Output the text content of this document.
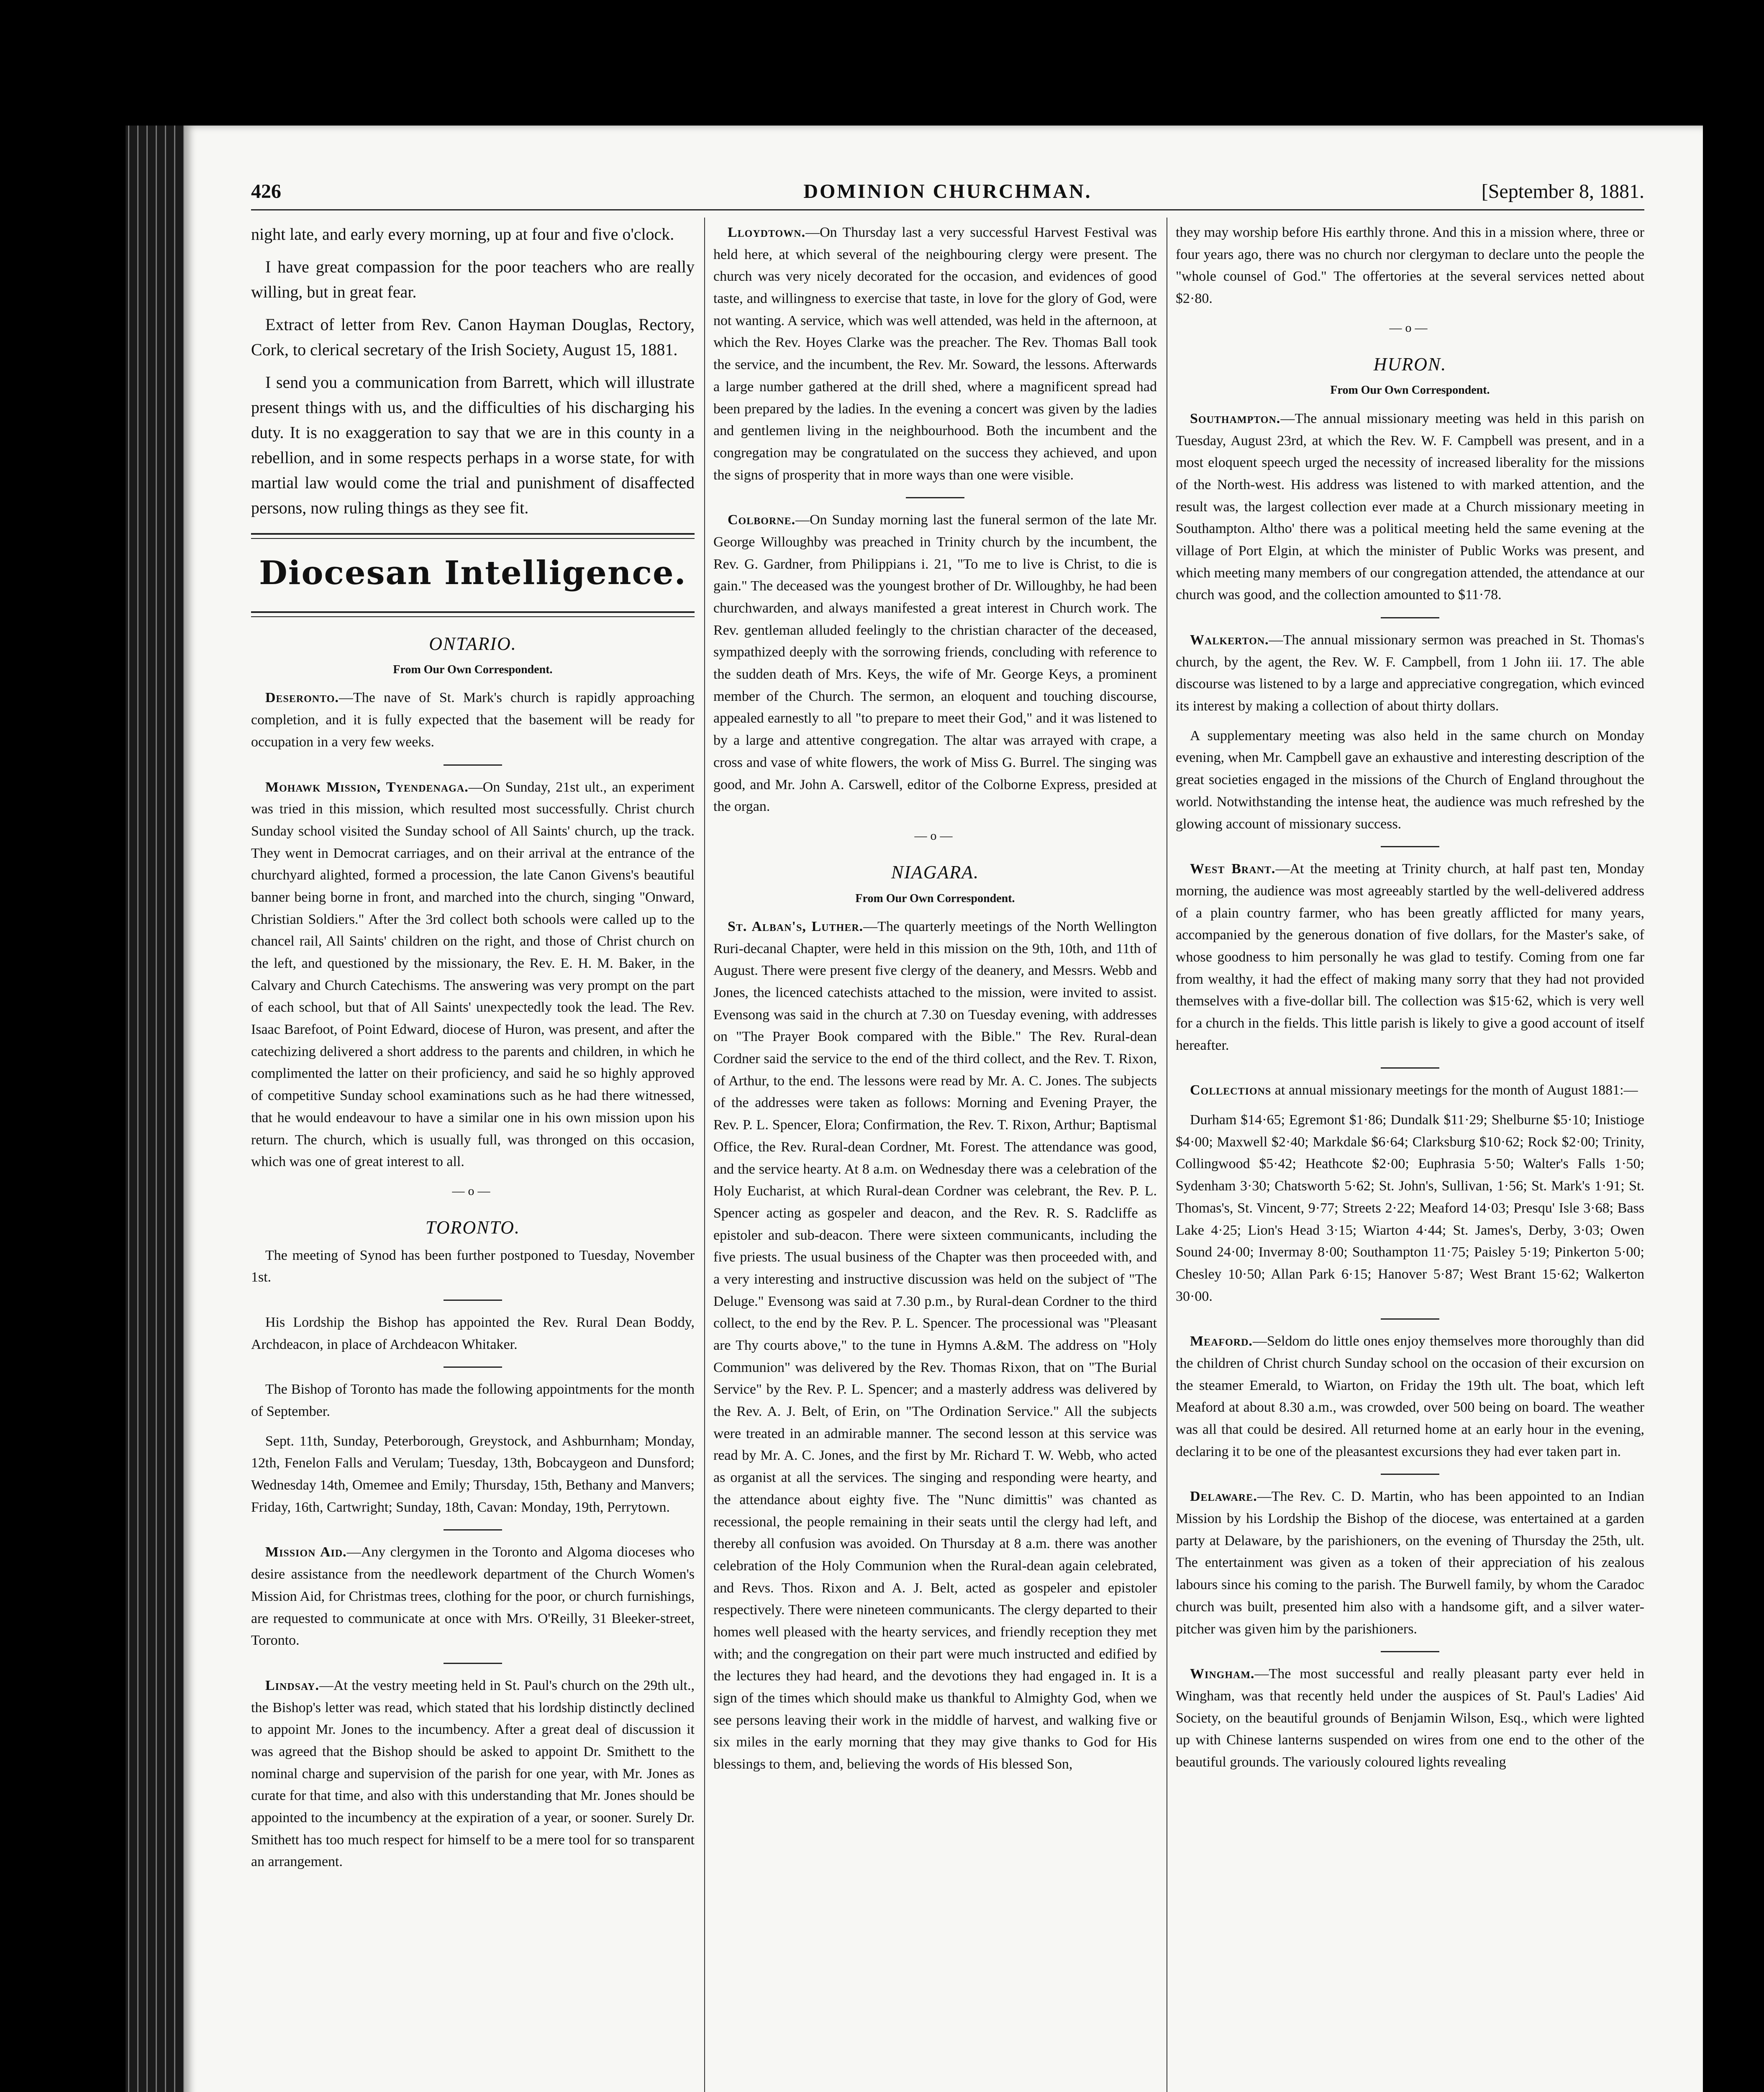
426	DOMINION CHURCHMAN.	[September 8, 1881.

night late, and early every morning, up at four and five o'clock.

I have great compassion for the poor teachers who are really willing, but in great fear.

Extract of letter from Rev. Canon Hayman Douglas, Rectory, Cork, to clerical secretary of the Irish Society, August 15, 1881.

I send you a communication from Barrett, which will illustrate present things with us, and the difficulties of his discharging his duty. It is no exaggeration to say that we are in this county in a rebellion, and in some respects perhaps in a worse state, for with martial law would come the trial and punishment of disaffected persons, now ruling things as they see fit.

Diocesan Intelligence.
ONTARIO.
From Our Own Correspondent.

Deseronto.—The nave of St. Mark's church is rapidly approaching completion, and it is fully expected that the basement will be ready for occupation in a very few weeks.

Mohawk Mission, Tyendenaga.—On Sunday, 21st ult., an experiment was tried in this mission, which resulted most successfully. Christ church Sunday school visited the Sunday school of All Saints' church, up the track. They went in Democrat carriages, and on their arrival at the entrance of the churchyard alighted, formed a procession, the late Canon Givens's beautiful banner being borne in front, and marched into the church, singing "Onward, Christian Soldiers." After the 3rd collect both schools were called up to the chancel rail, All Saints' children on the right, and those of Christ church on the left, and questioned by the missionary, the Rev. E. H. M. Baker, in the Calvary and Church Catechisms. The answering was very prompt on the part of each school, but that of All Saints' unexpectedly took the lead. The Rev. Isaac Barefoot, of Point Edward, diocese of Huron, was present, and after the catechizing delivered a short address to the parents and children, in which he complimented the latter on their proficiency, and said he so highly approved of competitive Sunday school examinations such as he had there witnessed, that he would endeavour to have a similar one in his own mission upon his return. The church, which is usually full, was thronged on this occasion, which was one of great interest to all.

—o—
TORONTO.

The meeting of Synod has been further postponed to Tuesday, November 1st.

His Lordship the Bishop has appointed the Rev. Rural Dean Boddy, Archdeacon, in place of Archdeacon Whitaker.

The Bishop of Toronto has made the following appointments for the month of September.

Sept. 11th, Sunday, Peterborough, Greystock, and Ashburnham; Monday, 12th, Fenelon Falls and Verulam; Tuesday, 13th, Bobcaygeon and Dunsford; Wednesday 14th, Omemee and Emily; Thursday, 15th, Bethany and Manvers; Friday, 16th, Cartwright; Sunday, 18th, Cavan: Monday, 19th, Perrytown.

Mission Aid.—Any clergymen in the Toronto and Algoma dioceses who desire assistance from the needlework department of the Church Women's Mission Aid, for Christmas trees, clothing for the poor, or church furnishings, are requested to communicate at once with Mrs. O'Reilly, 31 Bleeker-street, Toronto.

Lindsay.—At the vestry meeting held in St. Paul's church on the 29th ult., the Bishop's letter was read, which stated that his lordship distinctly declined to appoint Mr. Jones to the incumbency. After a great deal of discussion it was agreed that the Bishop should be asked to appoint Dr. Smithett to the nominal charge and supervision of the parish for one year, with Mr. Jones as curate for that time, and also with this understanding that Mr. Jones should be appointed to the incumbency at the expiration of a year, or sooner. Surely Dr. Smithett has too much respect for himself to be a mere tool for so transparent an arrangement.

Lloydtown.—On Thursday last a very successful Harvest Festival was held here, at which several of the neighbouring clergy were present. The church was very nicely decorated for the occasion, and evidences of good taste, and willingness to exercise that taste, in love for the glory of God, were not wanting. A service, which was well attended, was held in the afternoon, at which the Rev. Hoyes Clarke was the preacher. The Rev. Thomas Ball took the service, and the incumbent, the Rev. Mr. Soward, the lessons. Afterwards a large number gathered at the drill shed, where a magnificent spread had been prepared by the ladies. In the evening a concert was given by the ladies and gentlemen living in the neighbourhood. Both the incumbent and the congregation may be congratulated on the success they achieved, and upon the signs of prosperity that in more ways than one were visible.

Colborne.—On Sunday morning last the funeral sermon of the late Mr. George Willoughby was preached in Trinity church by the incumbent, the Rev. G. Gardner, from Philippians i. 21, "To me to live is Christ, to die is gain." The deceased was the youngest brother of Dr. Willoughby, he had been churchwarden, and always manifested a great interest in Church work. The Rev. gentleman alluded feelingly to the christian character of the deceased, sympathized deeply with the sorrowing friends, concluding with reference to the sudden death of Mrs. Keys, the wife of Mr. George Keys, a prominent member of the Church. The sermon, an eloquent and touching discourse, appealed earnestly to all "to prepare to meet their God," and it was listened to by a large and attentive congregation. The altar was arrayed with crape, a cross and vase of white flowers, the work of Miss G. Burrel. The singing was good, and Mr. John A. Carswell, editor of the Colborne Express, presided at the organ.

—o—
NIAGARA.
From Our Own Correspondent.

St. Alban's, Luther.—The quarterly meetings of the North Wellington Ruri-decanal Chapter, were held in this mission on the 9th, 10th, and 11th of August. There were present five clergy of the deanery, and Messrs. Webb and Jones, the licenced catechists attached to the mission, were invited to assist. Evensong was said in the church at 7.30 on Tuesday evening, with addresses on "The Prayer Book compared with the Bible." The Rev. Rural-dean Cordner said the service to the end of the third collect, and the Rev. T. Rixon, of Arthur, to the end. The lessons were read by Mr. A. C. Jones. The subjects of the addresses were taken as follows: Morning and Evening Prayer, the Rev. P. L. Spencer, Elora; Confirmation, the Rev. T. Rixon, Arthur; Baptismal Office, the Rev. Rural-dean Cordner, Mt. Forest. The attendance was good, and the service hearty. At 8 a.m. on Wednesday there was a celebration of the Holy Eucharist, at which Rural-dean Cordner was celebrant, the Rev. P. L. Spencer acting as gospeler and deacon, and the Rev. R. S. Radcliffe as epistoler and sub-deacon. There were sixteen communicants, including the five priests. The usual business of the Chapter was then proceeded with, and a very interesting and instructive discussion was held on the subject of "The Deluge." Evensong was said at 7.30 p.m., by Rural-dean Cordner to the third collect, to the end by the Rev. P. L. Spencer. The processional was "Pleasant are Thy courts above," to the tune in Hymns A.&M. The address on "Holy Communion" was delivered by the Rev. Thomas Rixon, that on "The Burial Service" by the Rev. P. L. Spencer; and a masterly address was delivered by the Rev. A. J. Belt, of Erin, on "The Ordination Service." All the subjects were treated in an admirable manner. The second lesson at this service was read by Mr. A. C. Jones, and the first by Mr. Richard T. W. Webb, who acted as organist at all the services. The singing and responding were hearty, and the attendance about eighty five. The "Nunc dimittis" was chanted as recessional, the people remaining in their seats until the clergy had left, and thereby all confusion was avoided. On Thursday at 8 a.m. there was another celebration of the Holy Communion when the Rural-dean again celebrated, and Revs. Thos. Rixon and A. J. Belt, acted as gospeler and epistoler respectively. There were nineteen communicants. The clergy departed to their homes well pleased with the hearty services, and friendly reception they met with; and the congregation on their part were much instructed and edified by the lectures they had heard, and the devotions they had engaged in. It is a sign of the times which should make us thankful to Almighty God, when we see persons leaving their work in the middle of harvest, and walking five or six miles in the early morning that they may give thanks to God for His blessings to them, and, believing the words of His blessed Son,

they may worship before His earthly throne. And this in a mission where, three or four years ago, there was no church nor clergyman to declare unto the people the "whole counsel of God." The offertories at the several services netted about $2·80.

—o—
HURON.
From Our Own Correspondent.

Southampton.—The annual missionary meeting was held in this parish on Tuesday, August 23rd, at which the Rev. W. F. Campbell was present, and in a most eloquent speech urged the necessity of increased liberality for the missions of the North-west. His address was listened to with marked attention, and the result was, the largest collection ever made at a Church missionary meeting in Southampton. Altho' there was a political meeting held the same evening at the village of Port Elgin, at which the minister of Public Works was present, and which meeting many members of our congregation attended, the attendance at our church was good, and the collection amounted to $11·78.

Walkerton.—The annual missionary sermon was preached in St. Thomas's church, by the agent, the Rev. W. F. Campbell, from 1 John iii. 17. The able discourse was listened to by a large and appreciative congregation, which evinced its interest by making a collection of about thirty dollars.

A supplementary meeting was also held in the same church on Monday evening, when Mr. Campbell gave an exhaustive and interesting description of the great societies engaged in the missions of the Church of England throughout the world. Notwithstanding the intense heat, the audience was much refreshed by the glowing account of missionary success.

West Brant.—At the meeting at Trinity church, at half past ten, Monday morning, the audience was most agreeably startled by the well-delivered address of a plain country farmer, who has been greatly afflicted for many years, accompanied by the generous donation of five dollars, for the Master's sake, of whose goodness to him personally he was glad to testify. Coming from one far from wealthy, it had the effect of making many sorry that they had not provided themselves with a five-dollar bill. The collection was $15·62, which is very well for a church in the fields. This little parish is likely to give a good account of itself hereafter.

Collections at annual missionary meetings for the month of August 1881:—

Durham $14·65; Egremont $1·86; Dundalk $11·29; Shelburne $5·10; Inistioge $4·00; Maxwell $2·40; Markdale $6·64; Clarksburg $10·62; Rock $2·00; Trinity, Collingwood $5·42; Heathcote $2·00; Euphrasia 5·50; Walter's Falls 1·50; Sydenham 3·30; Chatsworth 5·62; St. John's, Sullivan, 1·56; St. Mark's 1·91; St. Thomas's, St. Vincent, 9·77; Streets 2·22; Meaford 14·03; Presqu' Isle 3·68; Bass Lake 4·25; Lion's Head 3·15; Wiarton 4·44; St. James's, Derby, 3·03; Owen Sound 24·00; Invermay 8·00; Southampton 11·75; Paisley 5·19; Pinkerton 5·00; Chesley 10·50; Allan Park 6·15; Hanover 5·87; West Brant 15·62; Walkerton 30·00.

Meaford.—Seldom do little ones enjoy themselves more thoroughly than did the children of Christ church Sunday school on the occasion of their excursion on the steamer Emerald, to Wiarton, on Friday the 19th ult. The boat, which left Meaford at about 8.30 a.m., was crowded, over 500 being on board. The weather was all that could be desired. All returned home at an early hour in the evening, declaring it to be one of the pleasantest excursions they had ever taken part in.

Delaware.—The Rev. C. D. Martin, who has been appointed to an Indian Mission by his Lordship the Bishop of the diocese, was entertained at a garden party at Delaware, by the parishioners, on the evening of Thursday the 25th, ult. The entertainment was given as a token of their appreciation of his zealous labours since his coming to the parish. The Burwell family, by whom the Caradoc church was built, presented him also with a handsome gift, and a silver water-pitcher was given him by the parishioners.

Wingham.—The most successful and really pleasant party ever held in Wingham, was that recently held under the auspices of St. Paul's Ladies' Aid Society, on the beautiful grounds of Benjamin Wilson, Esq., which were lighted up with Chinese lanterns suspended on wires from one end to the other of the beautiful grounds. The variously coloured lights revealing
